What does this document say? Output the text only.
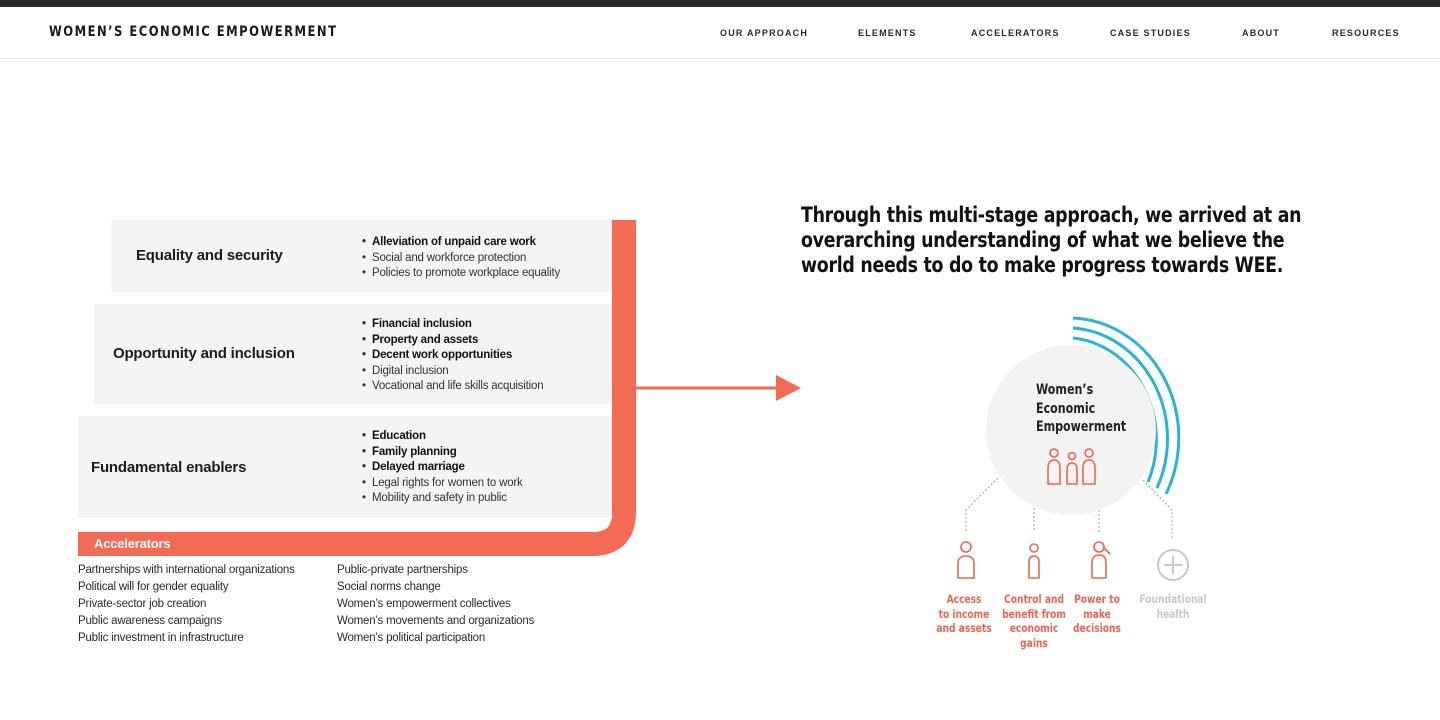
WOMEN’S ECONOMIC EMPOWERMENT	OUR APPROACH	ELEMENTS	ACCELERATORS	CASE STUDIES	ABOUT	RESOURCES
Equality and security
• Alleviation of unpaid care work
• Social and workforce protection
• Policies to promote workplace equality
Opportunity and inclusion
• Financial inclusion
• Property and assets
• Decent work opportunities
• Digital inclusion
• Vocational and life skills acquisition
Fundamental enablers
• Education
• Family planning
• Delayed marriage
• Legal rights for women to work
• Mobility and safety in public
Accelerators
Partnerships with international organizations
Political will for gender equality
Private-sector job creation
Public awareness campaigns
Public investment in infrastructure
Public-private partnerships
Social norms change
Women’s empowerment collectives
Women’s movements and organizations
Women’s political participation
Through this multi-stage approach, we arrived at an overarching understanding of what we believe the world needs to do to make progress towards WEE.
Women’s
Economic
Empowerment
Access
to income
and assets
Control and
benefit from
economic
gains
Power to
make
decisions
Foundational
health
